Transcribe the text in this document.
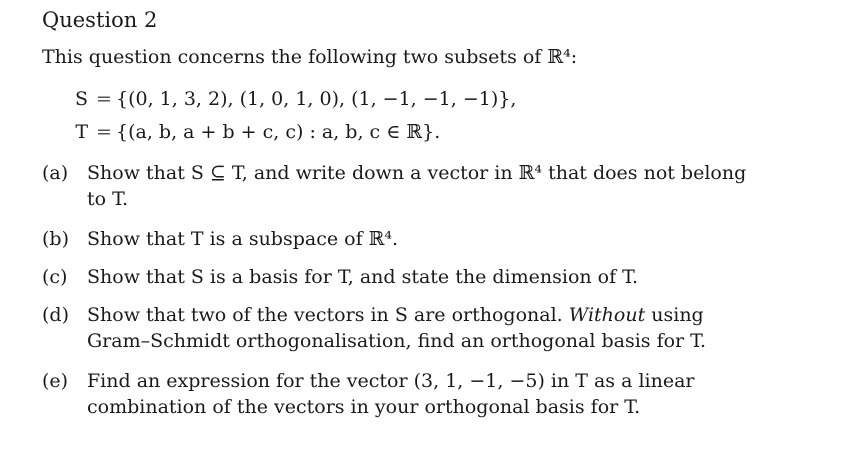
Question 2
This question concerns the following two subsets of ℝ⁴:
S = {(0, 1, 3, 2), (1, 0, 1, 0), (1, −1, −1, −1)},
T = {(a, b, a + b + c, c) : a, b, c ∈ ℝ}.
(a) Show that S ⊆ T, and write down a vector in ℝ⁴ that does not belong
to T.
(b) Show that T is a subspace of ℝ⁴.
(c) Show that S is a basis for T, and state the dimension of T.
(d) Show that two of the vectors in S are orthogonal. Without using
Gram–Schmidt orthogonalisation, find an orthogonal basis for T.
(e) Find an expression for the vector (3, 1, −1, −5) in T as a linear
combination of the vectors in your orthogonal basis for T.
